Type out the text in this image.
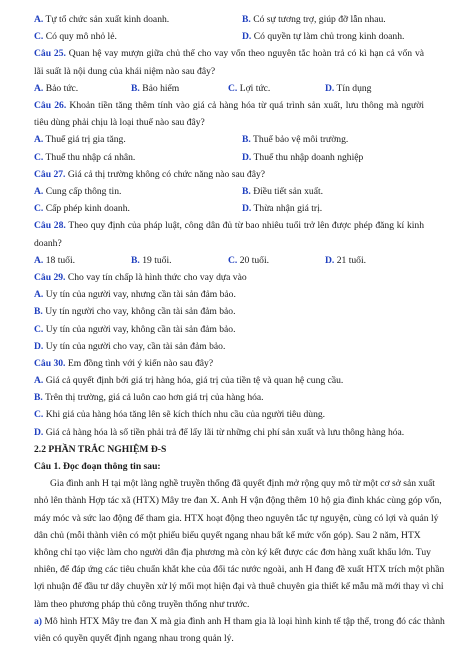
A. Tự tổ chức sản xuất kinh doanh.	B. Có sự tương trợ, giúp đỡ lẫn nhau.
C. Có quy mô nhỏ lẻ.	D. Có quyền tự làm chủ trong kinh doanh.
Câu 25. Quan hệ vay mượn giữa chủ thể cho vay vốn theo nguyên tắc hoàn trả có kì hạn cả vốn và lãi suất là nội dung của khái niệm nào sau đây?
A. Bảo tức.	B. Bảo hiểm	C. Lợi tức.	D. Tín dụng
Câu 26. Khoản tiền tăng thêm tính vào giá cả hàng hóa từ quá trình sản xuất, lưu thông mà người tiêu dùng phải chịu là loại thuế nào sau đây?
A. Thuế giá trị gia tăng.	B. Thuế bảo vệ môi trường.
C. Thuế thu nhập cá nhân.	D. Thuế thu nhập doanh nghiệp
Câu 27. Giá cả thị trường không có chức năng nào sau đây?
A. Cung cấp thông tin.	B. Điều tiết sản xuất.
C. Cấp phép kinh doanh.	D. Thừa nhận giá trị.
Câu 28. Theo quy định của pháp luật, công dân đủ từ bao nhiêu tuổi trở lên được phép đăng kí kinh doanh?
A. 18 tuổi.	B. 19 tuổi.	C. 20 tuổi.	D. 21 tuổi.
Câu 29. Cho vay tín chấp là hình thức cho vay dựa vào
A. Uy tín của người vay, nhưng cần tài sản đảm bảo.
B. Uy tín người cho vay, không cần tài sản đảm bảo.
C. Uy tín của người vay, không cần tài sản đảm bảo.
D. Uy tín của người cho vay, cần tài sản đảm bảo.
Câu 30. Em đồng tình với ý kiến nào sau đây?
A. Giá cả quyết định bởi giá trị hàng hóa, giá trị của tiền tệ và quan hệ cung cầu.
B. Trên thị trường, giá cả luôn cao hơn giá trị của hàng hóa.
C. Khi giá của hàng hóa tăng lên sẽ kích thích nhu cầu của người tiêu dùng.
D. Giá cả hàng hóa là số tiền phải trả để lấy lãi từ những chi phí sản xuất và lưu thông hàng hóa.
2.2 PHẦN TRẮC NGHIỆM Đ-S
Câu 1. Đọc đoạn thông tin sau:
Gia đình anh H tại một làng nghề truyền thống đã quyết định mở rộng quy mô từ một cơ sở sản xuất
nhỏ lên thành Hợp tác xã (HTX) Mây tre đan X. Anh H vận động thêm 10 hộ gia đình khác cùng góp vốn,
máy móc và sức lao động để tham gia. HTX hoạt động theo nguyên tắc tự nguyện, cùng có lợi và quản lý
dân chủ (mỗi thành viên có một phiếu biểu quyết ngang nhau bất kể mức vốn góp). Sau 2 năm, HTX
không chỉ tạo việc làm cho người dân địa phương mà còn ký kết được các đơn hàng xuất khẩu lớn. Tuy
nhiên, để đáp ứng các tiêu chuẩn khắt khe của đối tác nước ngoài, anh H đang đề xuất HTX trích một phần
lợi nhuận để đầu tư dây chuyền xử lý mối mọt hiện đại và thuê chuyên gia thiết kế mẫu mã mới thay vì chỉ
làm theo phương pháp thủ công truyền thống như trước.
a) Mô hình HTX Mây tre đan X mà gia đình anh H tham gia là loại hình kinh tế tập thể, trong đó các thành
viên có quyền quyết định ngang nhau trong quản lý.
